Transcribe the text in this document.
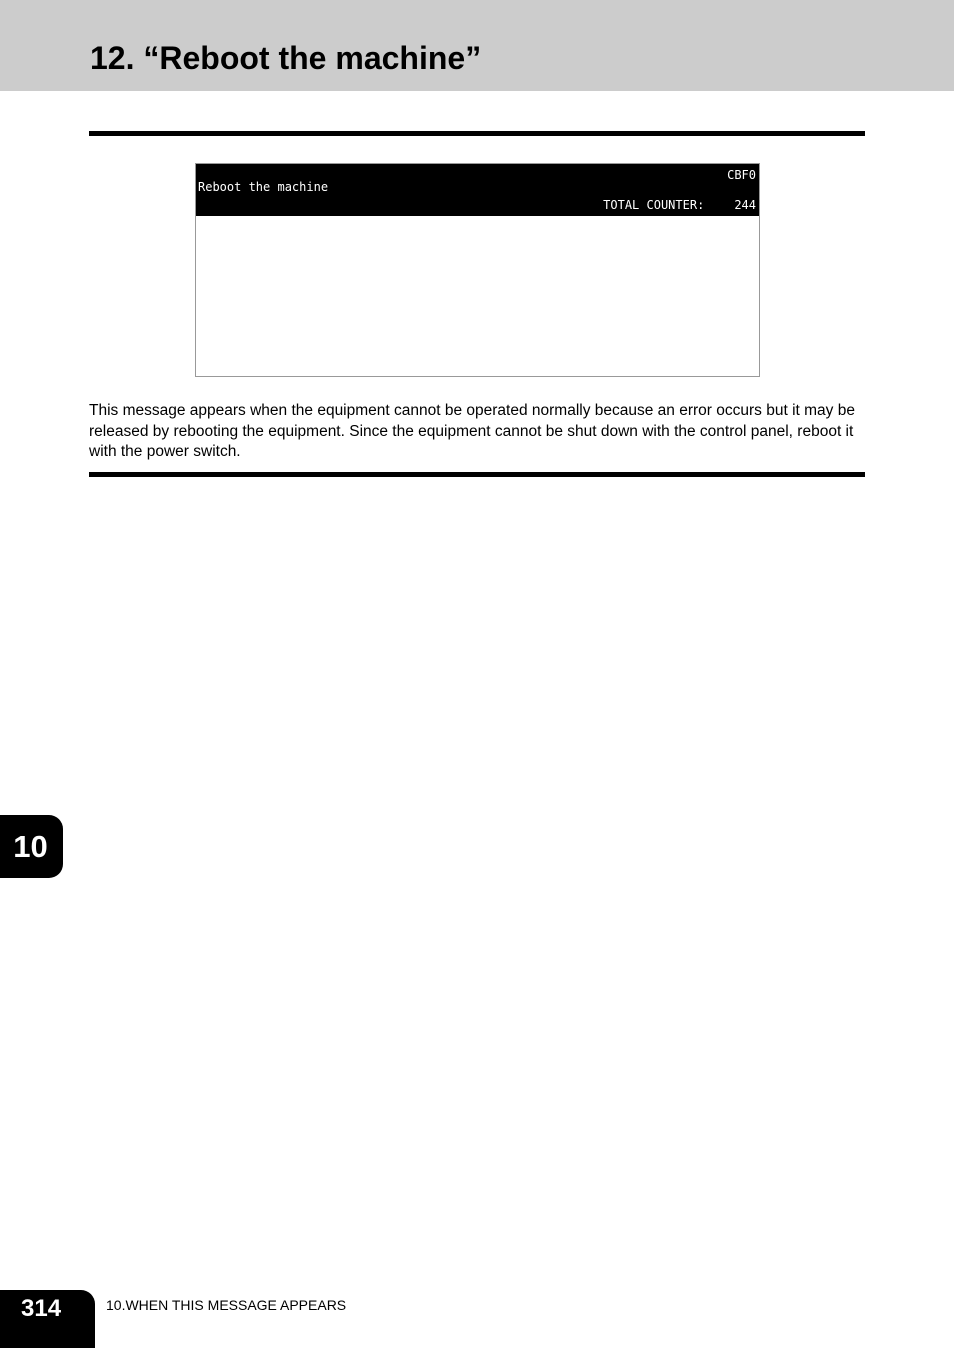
12. “Reboot the machine”
Reboot the machine
CBF0
TOTAL COUNTER:	244

This message appears when the equipment cannot be operated normally because an error occurs but it may be released by rebooting the equipment. Since the equipment cannot be shut down with the control panel, reboot it with the power switch.

10
314	10.WHEN THIS MESSAGE APPEARS
